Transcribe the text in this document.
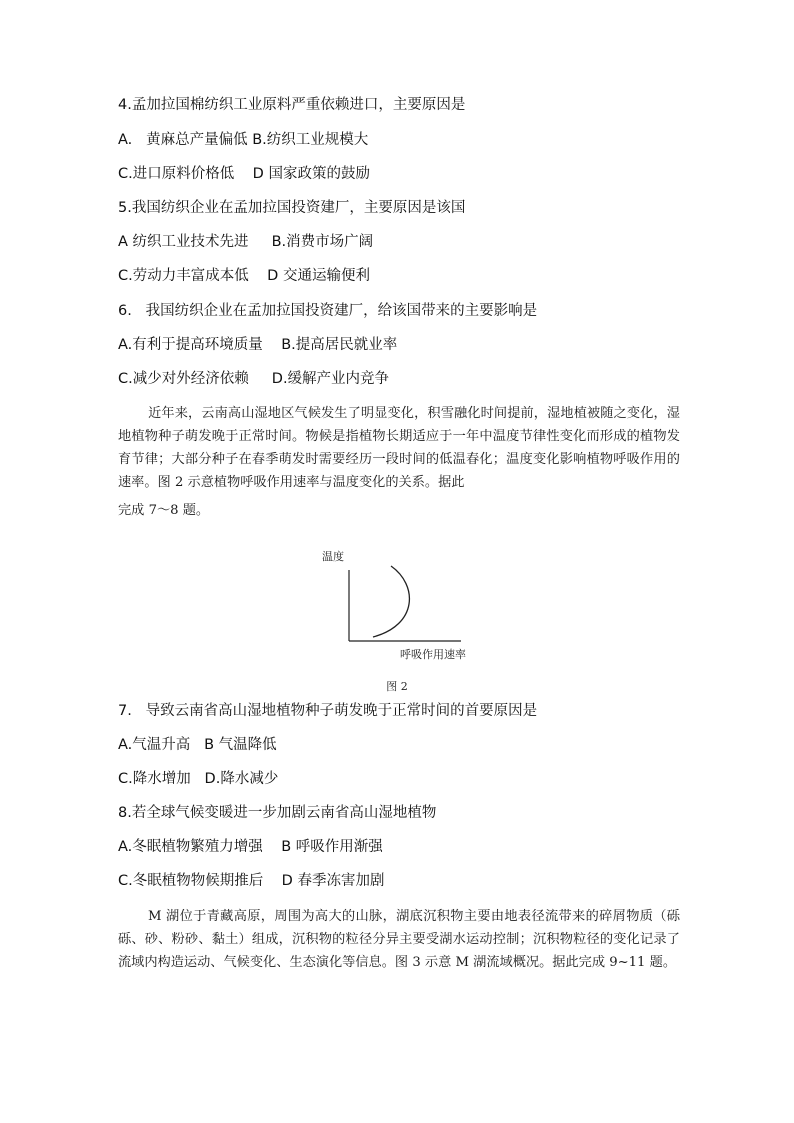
4.孟加拉国棉纺织工业原料严重依赖进口，主要原因是
A.   黄麻总产量偏低 B.纺织工业规模大
C.进口原料价格低    D 国家政策的鼓励
5.我国纺织企业在孟加拉国投资建厂，主要原因是该国
A 纺织工业技术先进     B.消费市场广阔
C.劳动力丰富成本低    D 交通运输便利
6.   我国纺织企业在孟加拉国投资建厂，给该国带来的主要影响是
A.有利于提高环境质量    B.提高居民就业率
C.减少对外经济依赖     D.缓解产业内竞争
近年来，云南高山湿地区气候发生了明显变化，积雪融化时间提前，湿地植被随之变化，湿地植物种子萌发晚于正常时间。物候是指植物长期适应于一年中温度节律性变化而形成的植物发育节律；大部分种子在春季萌发时需要经历一段时间的低温春化；温度变化影响植物呼吸作用的速率。图 2 示意植物呼吸作用速率与温度变化的关系。据此
完成 7～8 题。
温度
呼吸作用速率
图 2
7.   导致云南省高山湿地植物种子萌发晚于正常时间的首要原因是
A.气温升高   B 气温降低
C.降水增加   D.降水减少
8.若全球气候变暖进一步加剧云南省高山湿地植物
A.冬眠植物繁殖力增强    B 呼吸作用渐强
C.冬眠植物物候期推后    D 春季冻害加剧
M 湖位于青藏高原，周围为高大的山脉，湖底沉积物主要由地表径流带来的碎屑物质（砾砾、砂、粉砂、黏土）组成，沉积物的粒径分异主要受湖水运动控制；沉积物粒径的变化记录了流域内构造运动、气候变化、生态演化等信息。图 3 示意 M 湖流域概况。据此完成 9~11 题。
